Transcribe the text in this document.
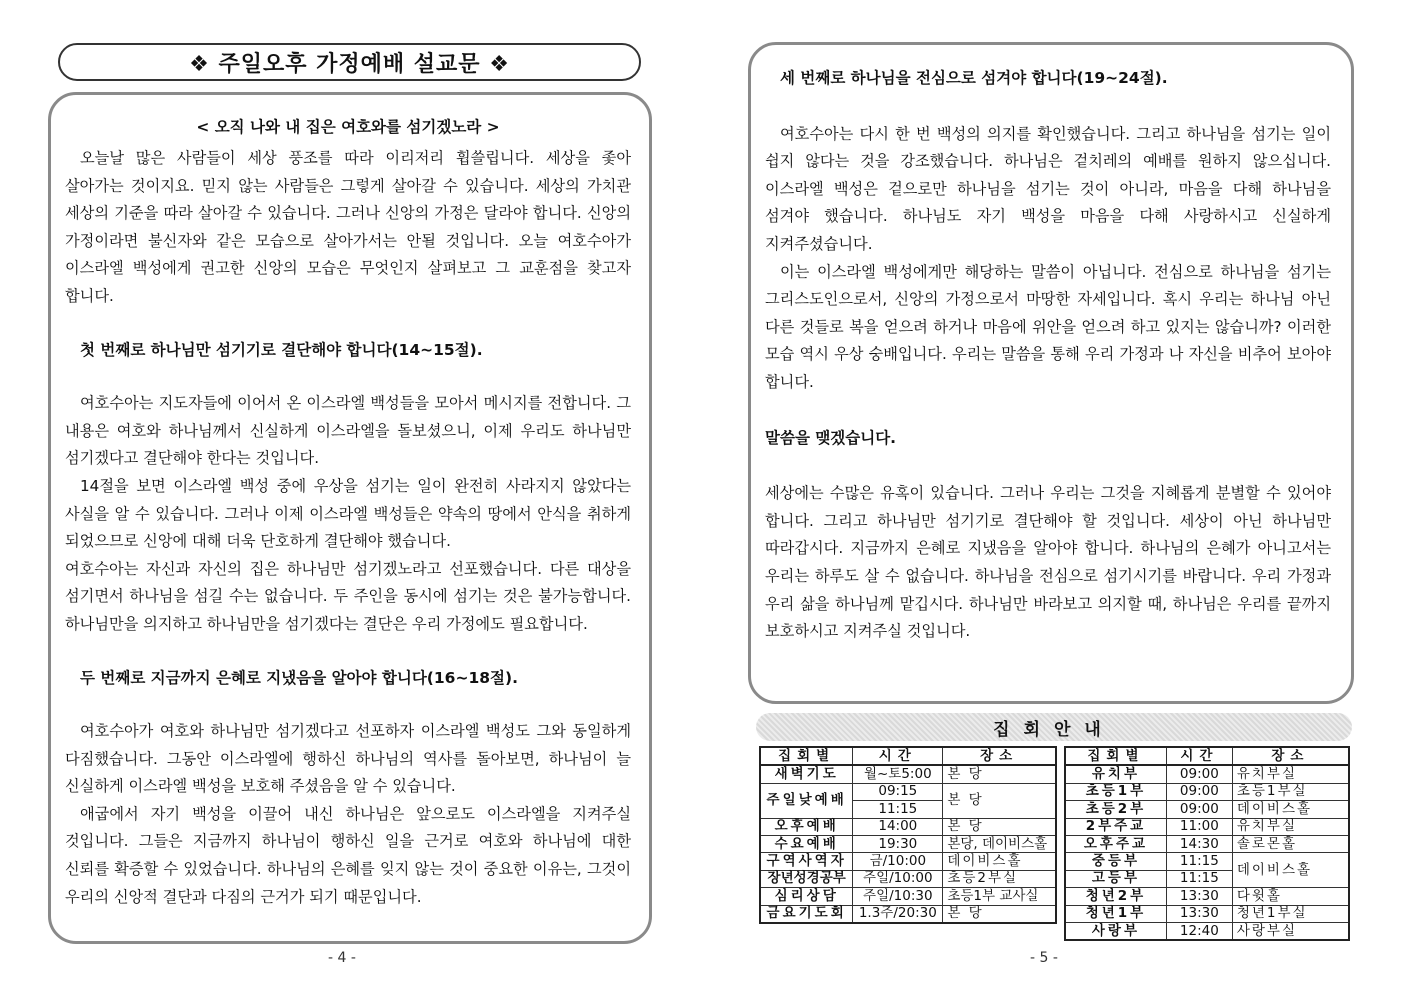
❖ 주일오후 가정예배 설교문 ❖

< 오직 나와 내 집은 여호와를 섬기겠노라 >

오늘날 많은 사람들이 세상 풍조를 따라 이리저리 휩쓸립니다. 세상을 좇아 살아가는 것이지요. 믿지 않는 사람들은 그렇게 살아갈 수 있습니다. 세상의 가치관 세상의 기준을 따라 살아갈 수 있습니다. 그러나 신앙의 가정은 달라야 합니다. 신앙의 가정이라면 불신자와 같은 모습으로 살아가서는 안될 것입니다. 오늘 여호수아가 이스라엘 백성에게 권고한 신앙의 모습은 무엇인지 살펴보고 그 교훈점을 찾고자 합니다.

첫 번째로 하나님만 섬기기로 결단해야 합니다(14~15절).

여호수아는 지도자들에 이어서 온 이스라엘 백성들을 모아서 메시지를 전합니다. 그 내용은 여호와 하나님께서 신실하게 이스라엘을 돌보셨으니, 이제 우리도 하나님만 섬기겠다고 결단해야 한다는 것입니다.

14절을 보면 이스라엘 백성 중에 우상을 섬기는 일이 완전히 사라지지 않았다는 사실을 알 수 있습니다. 그러나 이제 이스라엘 백성들은 약속의 땅에서 안식을 취하게 되었으므로 신앙에 대해 더욱 단호하게 결단해야 했습니다.

여호수아는 자신과 자신의 집은 하나님만 섬기겠노라고 선포했습니다. 다른 대상을 섬기면서 하나님을 섬길 수는 없습니다. 두 주인을 동시에 섬기는 것은 불가능합니다. 하나님만을 의지하고 하나님만을 섬기겠다는 결단은 우리 가정에도 필요합니다.

두 번째로 지금까지 은혜로 지냈음을 알아야 합니다(16~18절).

여호수아가 여호와 하나님만 섬기겠다고 선포하자 이스라엘 백성도 그와 동일하게 다짐했습니다. 그동안 이스라엘에 행하신 하나님의 역사를 돌아보면, 하나님이 늘 신실하게 이스라엘 백성을 보호해 주셨음을 알 수 있습니다.

애굽에서 자기 백성을 이끌어 내신 하나님은 앞으로도 이스라엘을 지켜주실 것입니다. 그들은 지금까지 하나님이 행하신 일을 근거로 여호와 하나님에 대한 신뢰를 확증할 수 있었습니다. 하나님의 은혜를 잊지 않는 것이 중요한 이유는, 그것이 우리의 신앙적 결단과 다짐의 근거가 되기 때문입니다.

- 4 -

세 번째로 하나님을 전심으로 섬겨야 합니다(19~24절).

여호수아는 다시 한 번 백성의 의지를 확인했습니다. 그리고 하나님을 섬기는 일이 쉽지 않다는 것을 강조했습니다. 하나님은 겉치레의 예배를 원하지 않으십니다. 이스라엘 백성은 겉으로만 하나님을 섬기는 것이 아니라, 마음을 다해 하나님을 섬겨야 했습니다. 하나님도 자기 백성을 마음을 다해 사랑하시고 신실하게 지켜주셨습니다.

이는 이스라엘 백성에게만 해당하는 말씀이 아닙니다. 전심으로 하나님을 섬기는 그리스도인으로서, 신앙의 가정으로서 마땅한 자세입니다. 혹시 우리는 하나님 아닌 다른 것들로 복을 얻으려 하거나 마음에 위안을 얻으려 하고 있지는 않습니까? 이러한 모습 역시 우상 숭배입니다. 우리는 말씀을 통해 우리 가정과 나 자신을 비추어 보아야 합니다.

말씀을 맺겠습니다.

세상에는 수많은 유혹이 있습니다. 그러나 우리는 그것을 지혜롭게 분별할 수 있어야 합니다. 그리고 하나님만 섬기기로 결단해야 할 것입니다. 세상이 아닌 하나님만 따라갑시다. 지금까지 은혜로 지냈음을 알아야 합니다. 하나님의 은혜가 아니고서는 우리는 하루도 살 수 없습니다. 하나님을 전심으로 섬기시기를 바랍니다. 우리 가정과 우리 삶을 하나님께 맡깁시다. 하나님만 바라보고 의지할 때, 하나님은 우리를 끝까지 보호하시고 지켜주실 것입니다.

집회안내
집회별	시간	장소
새벽기도	월~토5:00	본 당
주일낮예배	09:15	본 당
	11:15	
오후예배	14:00	본 당
수요예배	19:30	본당, 데이비스홀
구역사역자	금/10:00	데이비스홀
장년성경공부	주일/10:00	초등2부실
심리상담	주일/10:30	초등1부 교사실
금요기도회	1.3주/20:30	본 당
집회별	시간	장소
유치부	09:00	유치부실
초등1부	09:00	초등1부실
초등2부	09:00	데이비스홀
2부주교	11:00	유치부실
오후주교	14:30	솔로몬홀
중등부	11:15	데이비스홀
고등부	11:15	
청년2부	13:30	다윗홀
청년1부	13:30	청년1부실
사랑부	12:40	사랑부실
- 5 -
